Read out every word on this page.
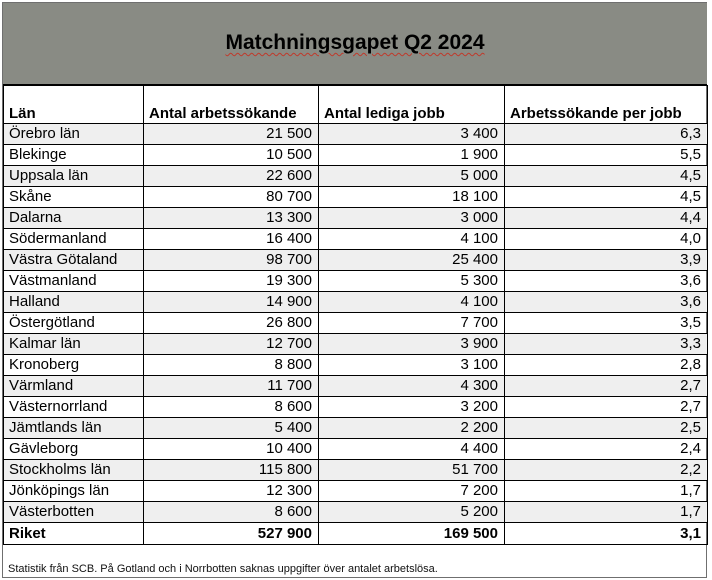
Matchningsgapet Q2 2024
Län	Antal arbetssökande	Antal lediga jobb	Arbetssökande per jobb
Örebro län	21 500	3 400	6,3
Blekinge	10 500	1 900	5,5
Uppsala län	22 600	5 000	4,5
Skåne	80 700	18 100	4,5
Dalarna	13 300	3 000	4,4
Södermanland	16 400	4 100	4,0
Västra Götaland	98 700	25 400	3,9
Västmanland	19 300	5 300	3,6
Halland	14 900	4 100	3,6
Östergötland	26 800	7 700	3,5
Kalmar län	12 700	3 900	3,3
Kronoberg	8 800	3 100	2,8
Värmland	11 700	4 300	2,7
Västernorrland	8 600	3 200	2,7
Jämtlands län	5 400	2 200	2,5
Gävleborg	10 400	4 400	2,4
Stockholms län	115 800	51 700	2,2
Jönköpings län	12 300	7 200	1,7
Västerbotten	8 600	5 200	1,7
Riket	527 900	169 500	3,1
Statistik från SCB. På Gotland och i Norrbotten saknas uppgifter över antalet arbetslösa.
